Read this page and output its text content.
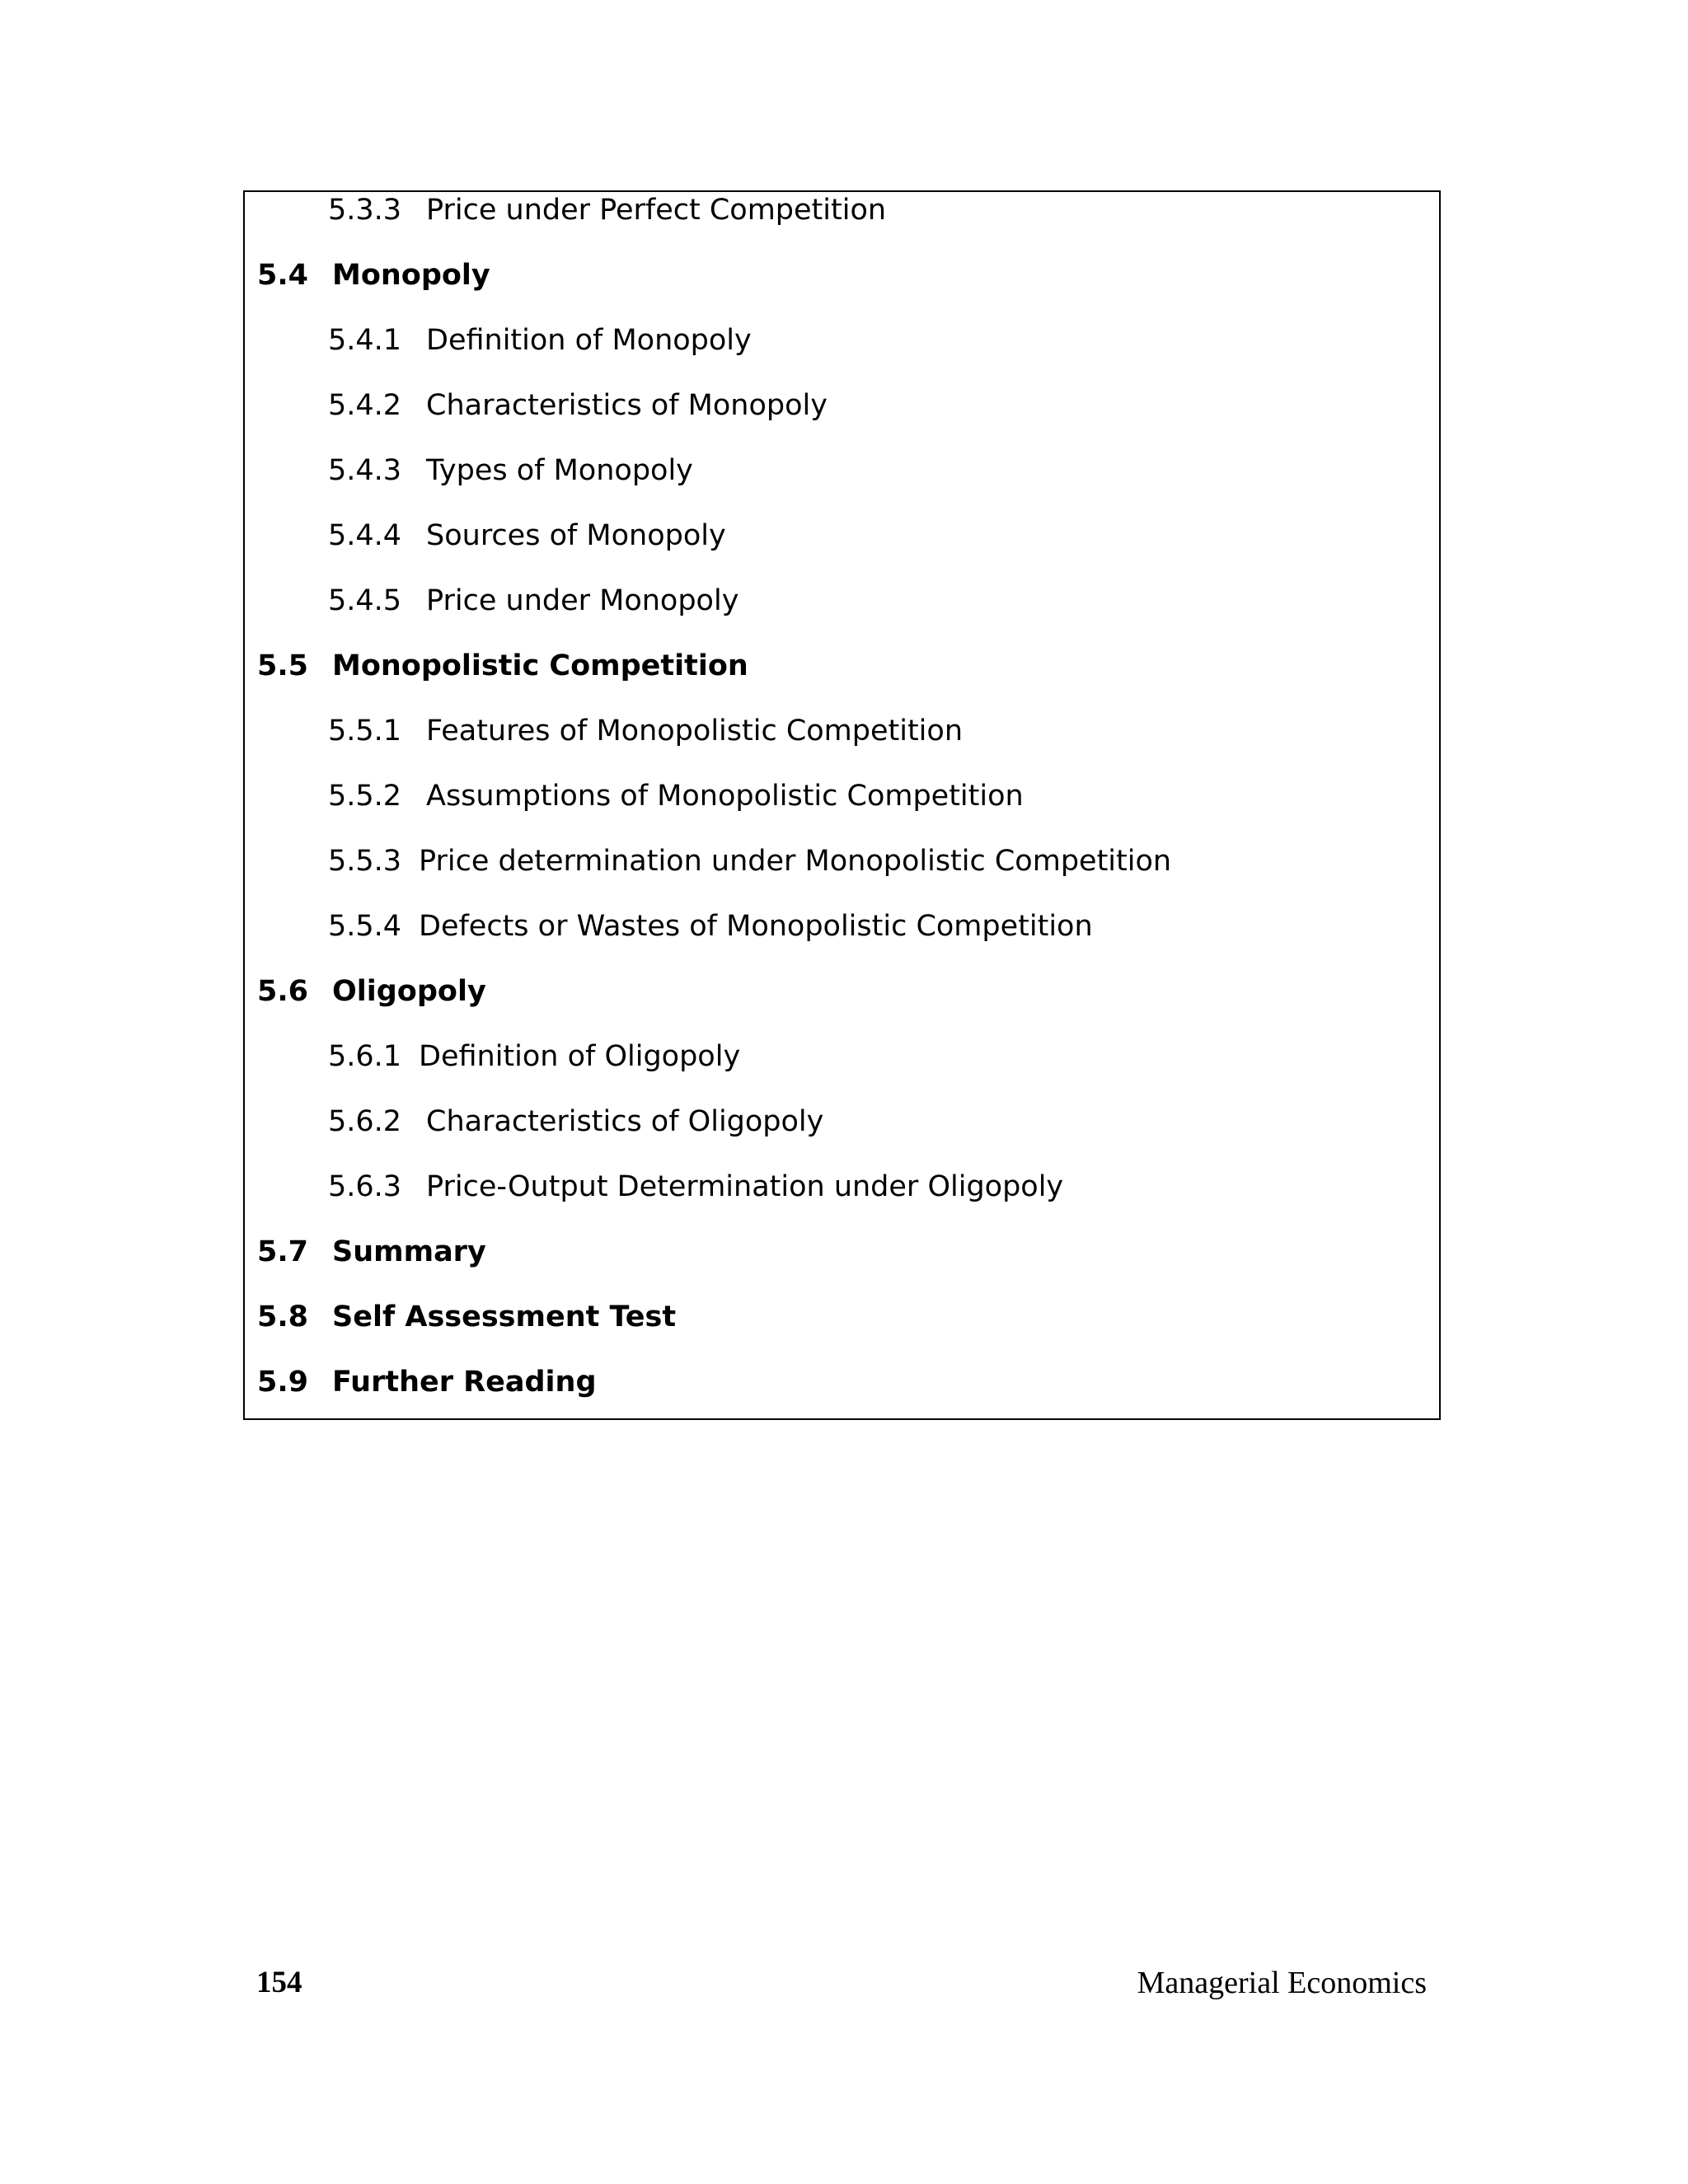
5.3.3 Price under Perfect Competition
5.4 Monopoly
5.4.1 Definition of Monopoly
5.4.2 Characteristics of Monopoly
5.4.3 Types of Monopoly
5.4.4 Sources of Monopoly
5.4.5 Price under Monopoly
5.5 Monopolistic Competition
5.5.1 Features of Monopolistic Competition
5.5.2 Assumptions of Monopolistic Competition
5.5.3 Price determination under Monopolistic Competition
5.5.4 Defects or Wastes of Monopolistic Competition
5.6 Oligopoly
5.6.1 Definition of Oligopoly
5.6.2 Characteristics of Oligopoly
5.6.3 Price-Output Determination under Oligopoly
5.7 Summary
5.8 Self Assessment Test
5.9 Further Reading
154	Managerial Economics
